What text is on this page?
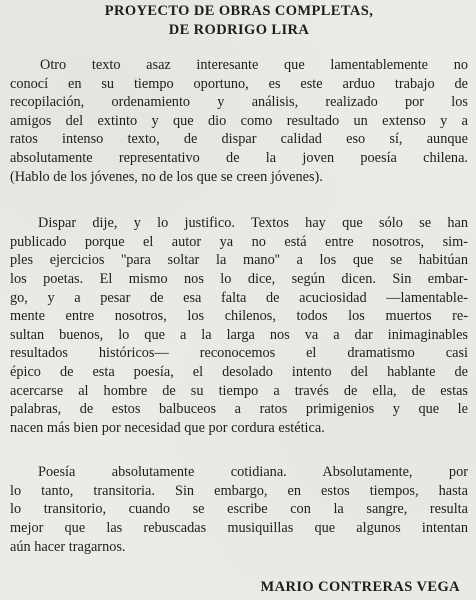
PROYECTO DE OBRAS COMPLETAS,
DE RODRIGO LIRA

Otro texto asaz interesante que lamentablemente no
conocí en su tiempo oportuno, es este arduo trabajo de
recopilación, ordenamiento y análisis, realizado por los
amigos del extinto y que dio como resultado un extenso y a
ratos intenso texto, de dispar calidad eso sí, aunque
absolutamente representativo de la joven poesía chilena.
(Hablo de los jóvenes, no de los que se creen jóvenes).

Dispar dije, y lo justifico. Textos hay que sólo se han
publicado porque el autor ya no está entre nosotros, sim-
ples ejercicios ''para soltar la mano'' a los que se habitúan
los poetas. El mismo nos lo dice, según dicen. Sin embar-
go, y a pesar de esa falta de acuciosidad —lamentable-
mente entre nosotros, los chilenos, todos los muertos re-
sultan buenos, lo que a la larga nos va a dar inimaginables
resultados históricos— reconocemos el dramatismo casi
épico de esta poesía, el desolado intento del hablante de
acercarse al hombre de su tiempo a través de ella, de estas
palabras, de estos balbuceos a ratos primigenios y que le
nacen más bien por necesidad que por cordura estética.

Poesía absolutamente cotidiana. Absolutamente, por
lo tanto, transitoria. Sin embargo, en estos tiempos, hasta
lo transitorio, cuando se escribe con la sangre, resulta
mejor que las rebuscadas musiquillas que algunos intentan
aún hacer tragarnos.

MARIO CONTRERAS VEGA
